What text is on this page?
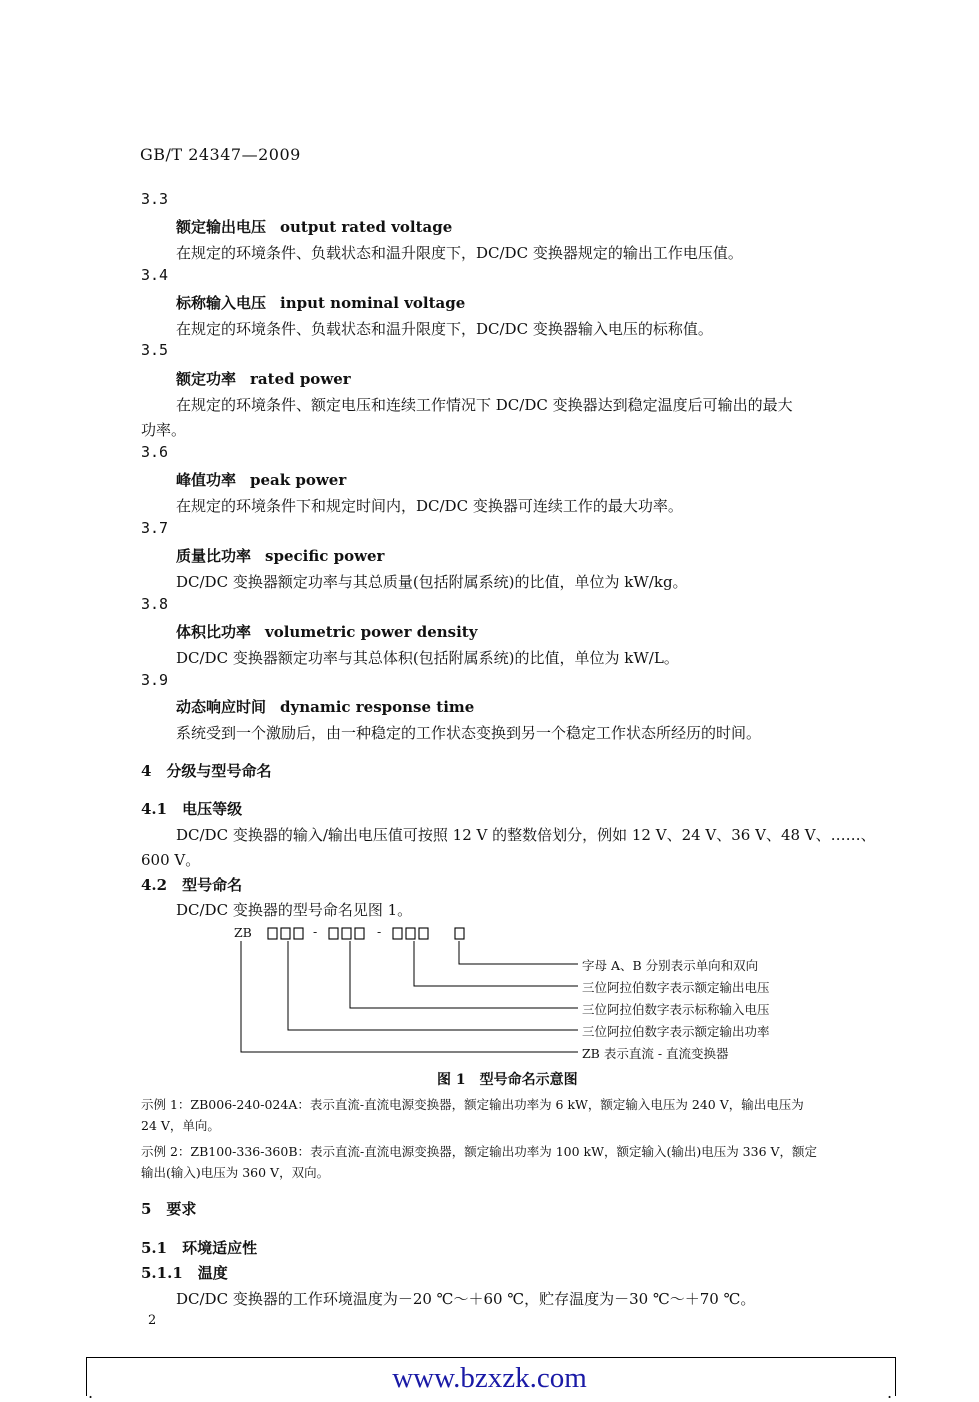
GB/T 24347—2009
3.3
额定输出电压 output rated voltage
在规定的环境条件、负载状态和温升限度下，DC/DC 变换器规定的输出工作电压值。
3.4
标称输入电压 input nominal voltage
在规定的环境条件、负载状态和温升限度下，DC/DC 变换器输入电压的标称值。
3.5
额定功率 rated power
在规定的环境条件、额定电压和连续工作情况下 DC/DC 变换器达到稳定温度后可输出的最大
功率。
3.6
峰值功率 peak power
在规定的环境条件下和规定时间内，DC/DC 变换器可连续工作的最大功率。
3.7
质量比功率 specific power
DC/DC 变换器额定功率与其总质量(包括附属系统)的比值，单位为 kW/kg。
3.8
体积比功率 volumetric power density
DC/DC 变换器额定功率与其总体积(包括附属系统)的比值，单位为 kW/L。
3.9
动态响应时间 dynamic response time
系统受到一个激励后，由一种稳定的工作状态变换到另一个稳定工作状态所经历的时间。
4　分级与型号命名
4.1　电压等级
DC/DC 变换器的输入/输出电压值可按照 12 V 的整数倍划分，例如 12 V、24 V、36 V、48 V、……、
600 V。
4.2　型号命名
DC/DC 变换器的型号命名见图 1。
ZB	-	-
字母 A、B 分别表示单向和双向
三位阿拉伯数字表示额定输出电压
三位阿拉伯数字表示标称输入电压
三位阿拉伯数字表示额定输出功率
ZB 表示直流 - 直流变换器
图 1　型号命名示意图
示例 1：ZB006-240-024A：表示直流-直流电源变换器，额定输出功率为 6 kW，额定输入电压为 240 V，输出电压为
24 V，单向。
示例 2：ZB100-336-360B：表示直流-直流电源变换器，额定输出功率为 100 kW，额定输入(输出)电压为 336 V，额定
输出(输入)电压为 360 V，双向。
5　要求
5.1　环境适应性
5.1.1　温度
DC/DC 变换器的工作环境温度为－20 ℃～＋60 ℃，贮存温度为－30 ℃～＋70 ℃。
2
.	.
www.bzxzk.com
